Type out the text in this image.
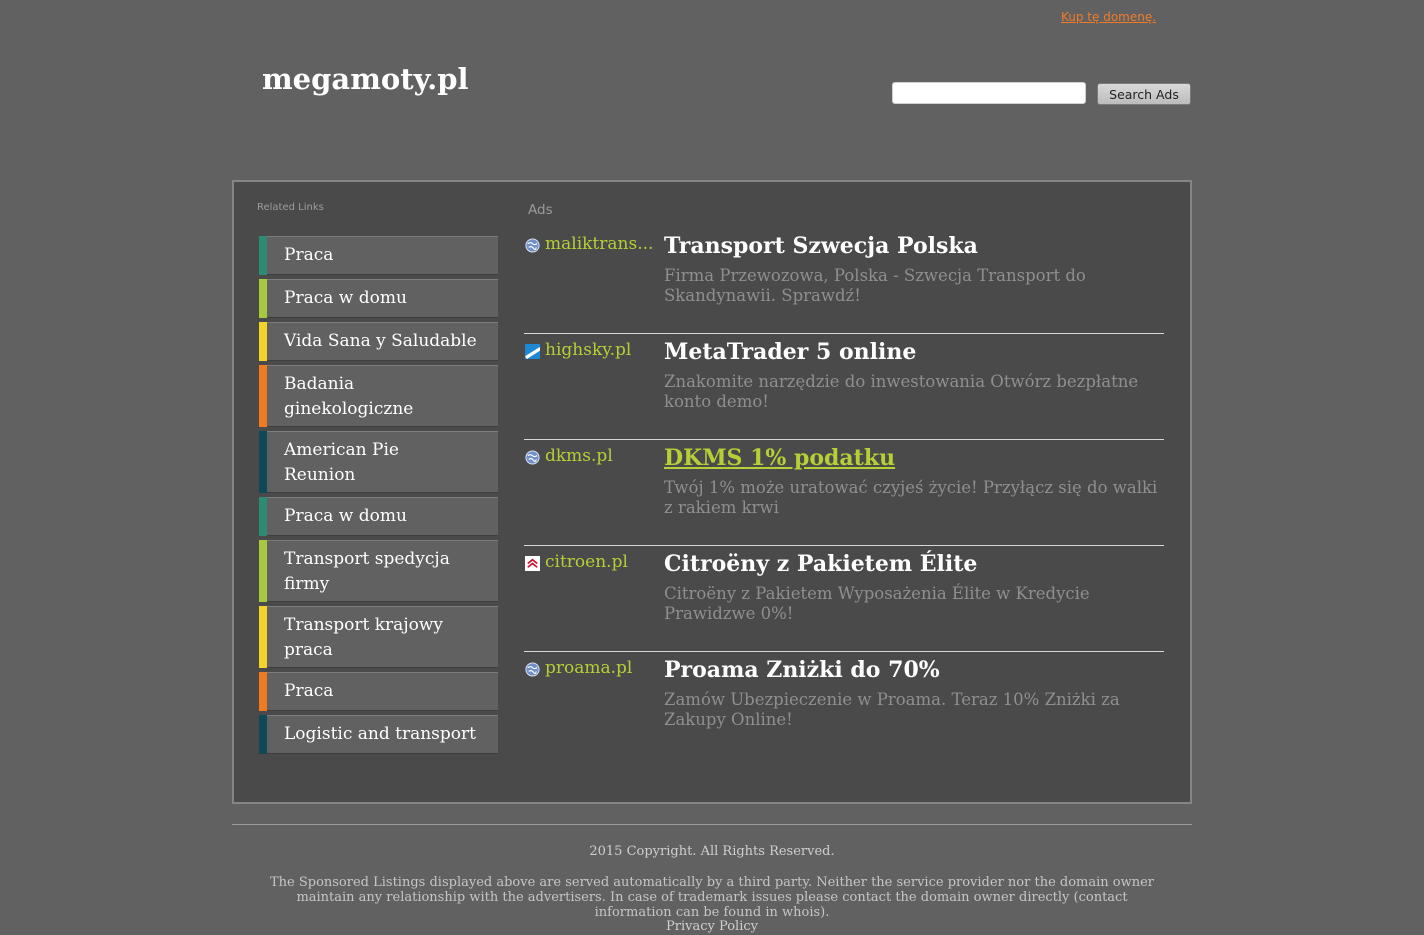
Kup tę domenę.
megamoty.pl	Search Ads
Related Links	Ads
Praca
Praca w domu
Vida Sana y Saludable
Badania ginekologiczne
American Pie Reunion
Praca w domu
Transport spedycja firmy
Transport krajowy praca
Praca
Logistic and transport
maliktrans... Transport Szwecja Polska
Firma Przewozowa, Polska - Szwecja Transport do Skandynawii. Sprawdź!
highsky.pl MetaTrader 5 online
Znakomite narzędzie do inwestowania Otwórz bezpłatne konto demo!
dkms.pl DKMS 1% podatku
Twój 1% może uratować czyjeś życie! Przyłącz się do walki z rakiem krwi
citroen.pl Citroëny z Pakietem Élite
Citroëny z Pakietem Wyposażenia Élite w Kredycie Prawidzwe 0%!
proama.pl Proama Zniżki do 70%
Zamów Ubezpieczenie w Proama. Teraz 10% Zniżki za Zakupy Online!
2015 Copyright. All Rights Reserved.
The Sponsored Listings displayed above are served automatically by a third party. Neither the service provider nor the domain owner maintain any relationship with the advertisers. In case of trademark issues please contact the domain owner directly (contact information can be found in whois).
Privacy Policy
